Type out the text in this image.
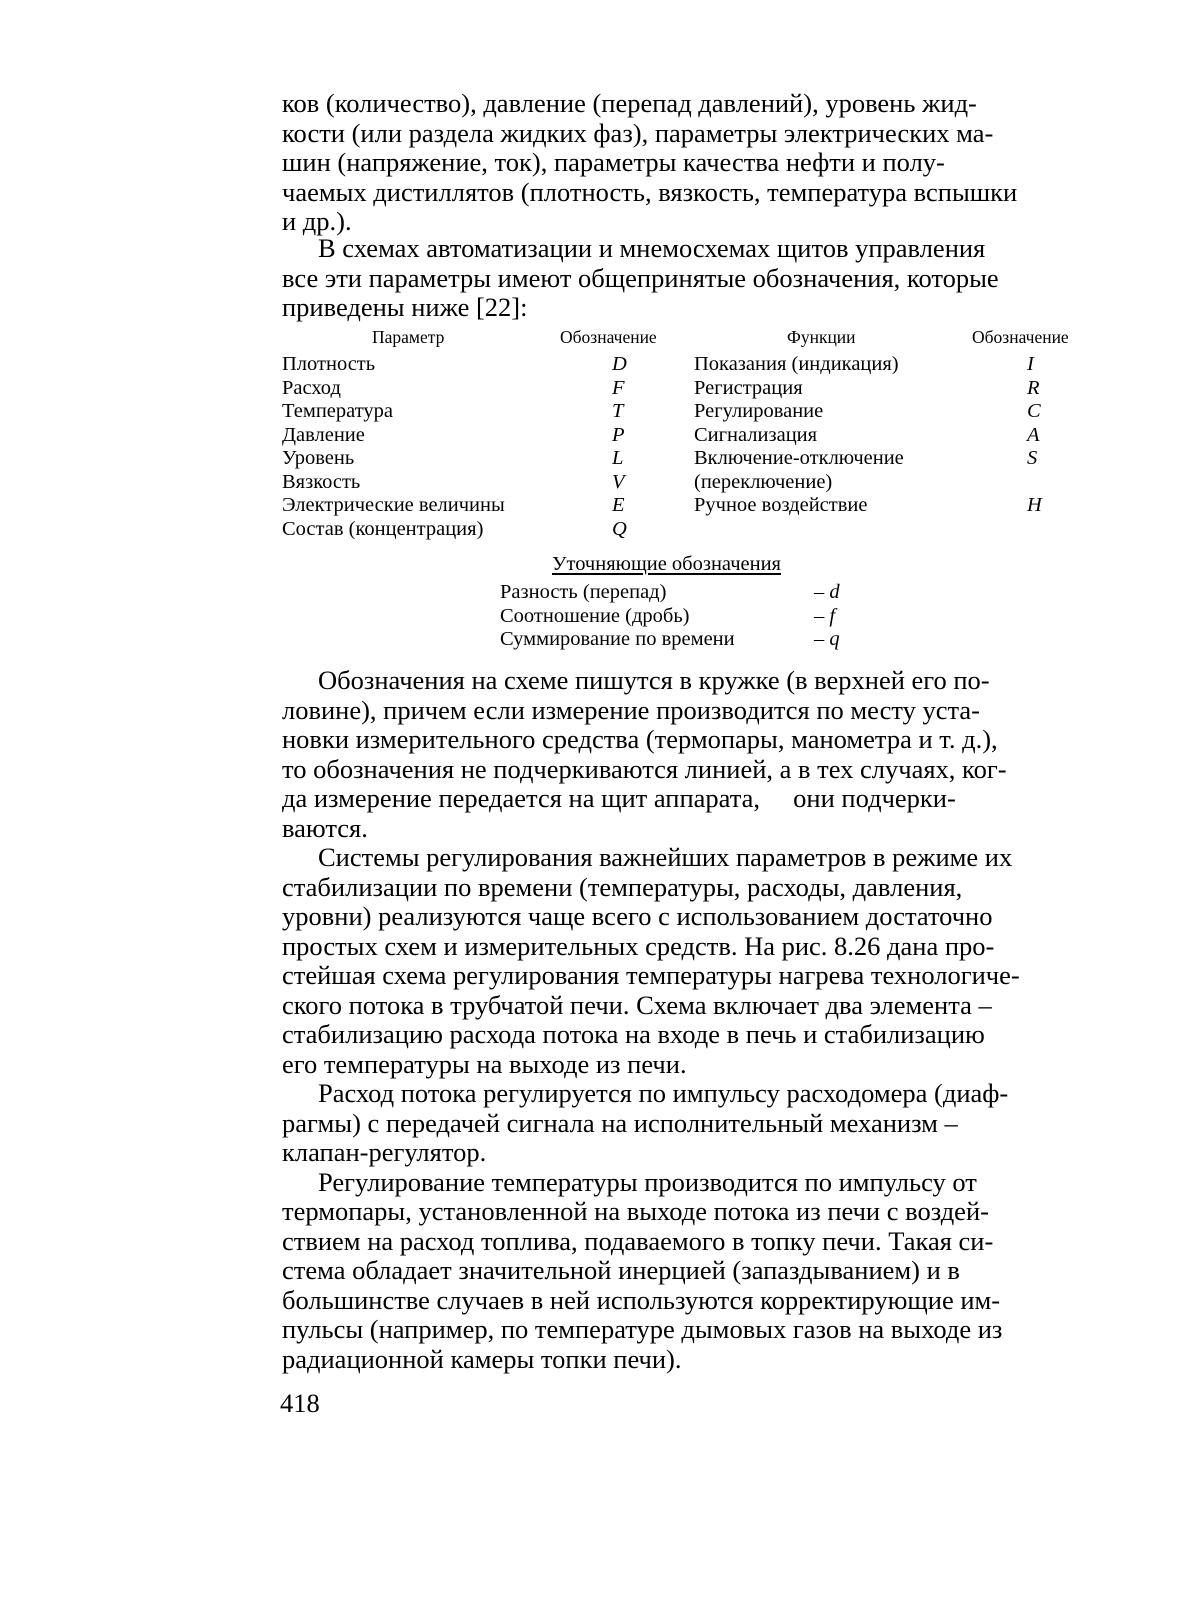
ков (количество), давление (перепад давлений), уровень жид-

кости (или раздела жидких фаз), параметры электрических ма-

шин (напряжение, ток), параметры качества нефти и полу-

чаемых дистиллятов (плотность, вязкость, температура вспышки

и др.).

В схемах автоматизации и мнемосхемах щитов управления

все эти параметры имеют общепринятые обозначения, которые

приведены ниже [22]:

Параметр	Обозначение	Функции	Обозначение
Плотность	D	Показания (индикация)	I
Расход	F	Регистрация	R
Температура	T	Регулирование	C
Давление	P	Сигнализация	A
Уровень	L	Включение-отключение	S
Вязкость	V	(переключение)
Электрические величины	E	Ручное воздействие	H
Состав (концентрация)	Q
Уточняющие обозначения
Разность (перепад)	– d
Соотношение (дробь)	– f
Суммирование по времени	– q

Обозначения на схеме пишутся в кружке (в верхней его по-

ловине), причем если измерение производится по месту уста-

новки измерительного средства (термопары, манометра и т. д.),

то обозначения не подчеркиваются линией, а в тех случаях, ког-

да измерение передается на щит аппарата,     они подчерки-

ваются.

Системы регулирования важнейших параметров в режиме их

стабилизации по времени (температуры, расходы, давления,

уровни) реализуются чаще всего с использованием достаточно

простых схем и измерительных средств. На рис. 8.26 дана про-

стейшая схема регулирования температуры нагрева технологиче-

ского потока в трубчатой печи. Схема включает два элемента –

стабилизацию расхода потока на входе в печь и стабилизацию

его температуры на выходе из печи.

Расход потока регулируется по импульсу расходомера (диаф-

рагмы) с передачей сигнала на исполнительный механизм –

клапан-регулятор.

Регулирование температуры производится по импульсу от

термопары, установленной на выходе потока из печи с воздей-

ствием на расход топлива, подаваемого в топку печи. Такая си-

стема обладает значительной инерцией (запаздыванием) и в

большинстве случаев в ней используются корректирующие им-

пульсы (например, по температуре дымовых газов на выходе из

радиационной камеры топки печи).

418
